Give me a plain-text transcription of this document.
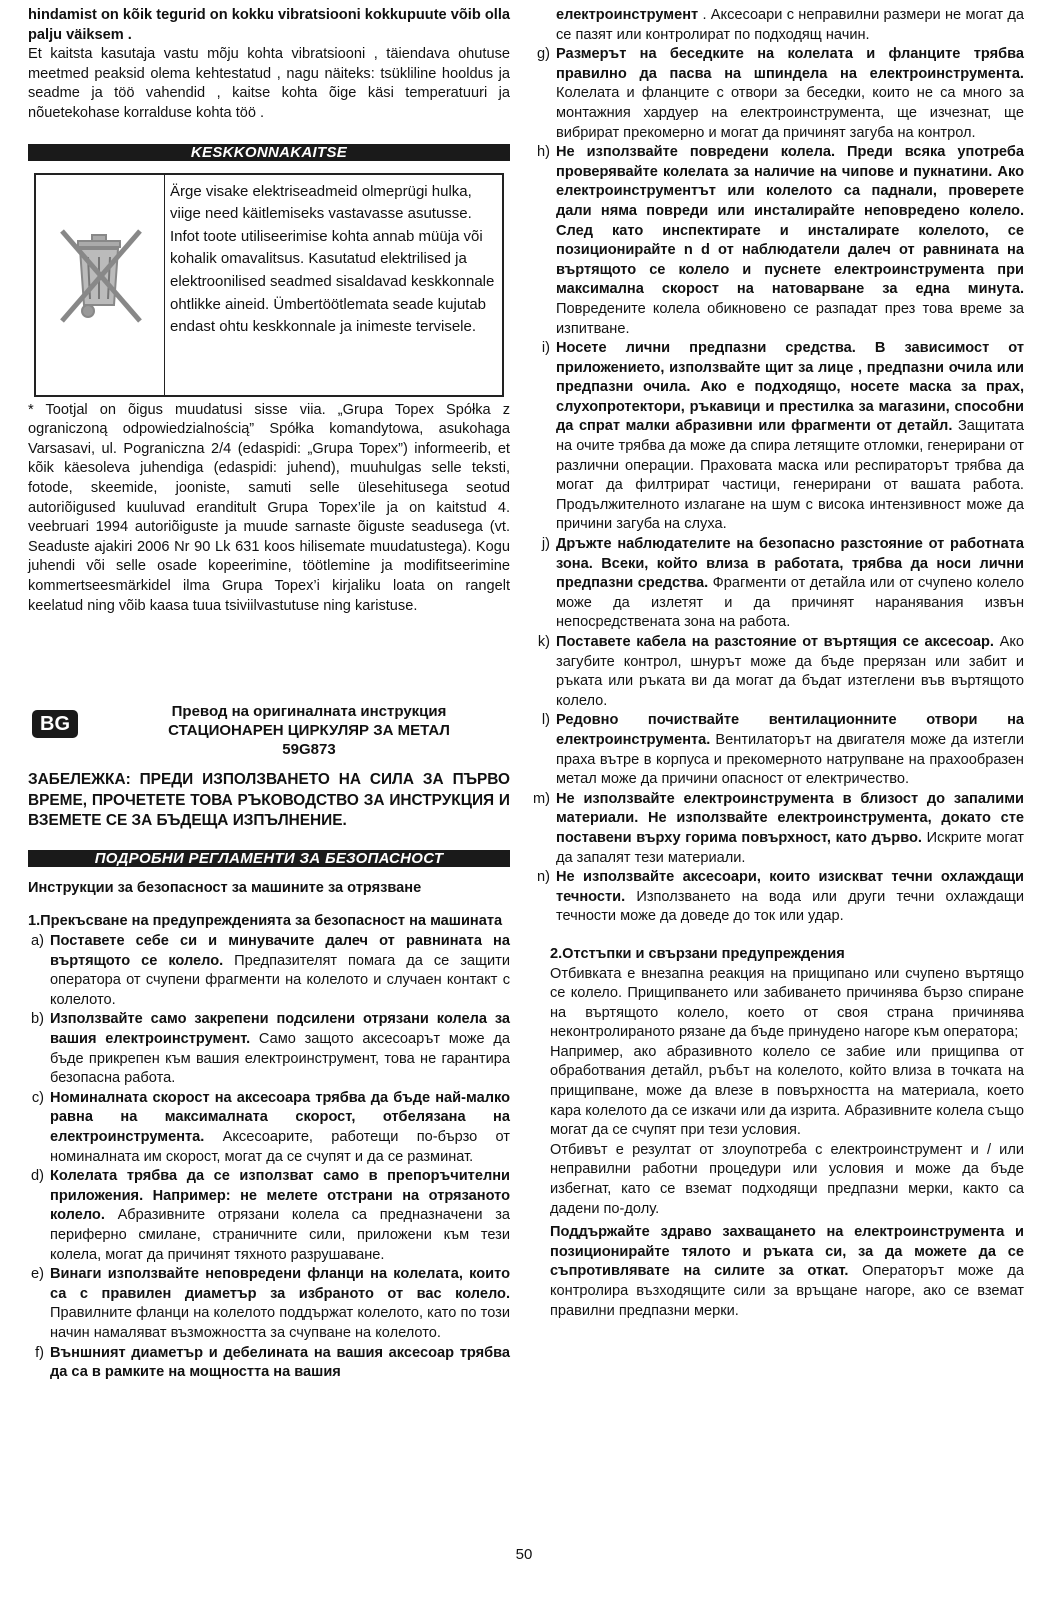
hindamist on kõik tegurid on kokku vibratsiooni kokkupuute võib olla palju väiksem .

Et kaitsta kasutaja vastu mõju kohta vibratsiooni , täiendava ohutuse meetmed peaksid olema kehtestatud , nagu näiteks: tsükliline hooldus ja seadme ja töö vahendid , kaitse kohta õige käsi temperatuuri ja nõuetekohase korralduse kohta töö .

KESKKONNAKAITSE
Ärge visake elektriseadmeid olmeprügi hulka, viige need käitlemiseks vastavasse asutusse. Infot toote utiliseerimise kohta annab müüja või kohalik omavalitsus. Kasutatud elektrilised ja elektroonilised seadmed sisaldavad keskkonnale ohtlikke aineid. Ümbertöötlemata seade kujutab endast ohtu keskkonnale ja inimeste tervisele.

* Tootjal on õigus muudatusi sisse viia. „Grupa Topex Spółka z ograniczoną odpowiedzialnością” Spółka komandytowa, asukohaga Varsasavi, ul. Pograniczna 2/4 (edaspidi: „Grupa Topex”) informeerib, et kõik käesoleva juhendiga (edaspidi: juhend), muuhulgas selle teksti, fotode, skeemide, jooniste, samuti selle ülesehitusega seotud autoriõigused kuuluvad eranditult Grupa Topex’ile ja on kaitstud 4. veebruari 1994 autoriõiguste ja muude sarnaste õiguste seadusega (vt. Seaduste ajakiri 2006 Nr 90 Lk 631 koos hilisemate muudatustega). Kogu juhendi või selle osade kopeerimine, töötlemine ja modifitseerimine kommertseesmärkidel ilma Grupa Topex’i kirjaliku loata on rangelt keelatud ning võib kaasa tuua tsiviilvastutuse ning karistuse.

BG
Превод на оригиналната инструкция
СТАЦИОНАРЕН ЦИРКУЛЯР ЗА МЕТАЛ
59G873

ЗАБЕЛЕЖКА: ПРЕДИ ИЗПОЛЗВАНЕТО НА СИЛА ЗА ПЪРВО ВРЕМЕ, ПРОЧЕТЕТЕ ТОВА РЪКОВОДСТВО ЗА ИНСТРУКЦИЯ И ВЗЕМЕТЕ СЕ ЗА БЪДЕЩА ИЗПЪЛНЕНИЕ.

ПОДРОБНИ РЕГЛАМЕНТИ ЗА БЕЗОПАСНОСТ

Инструкции за безопасност за машините за отрязване

1.Прекъсване на предупрежденията за безопасност на машината

a) Поставете себе си и минувачите далеч от равнината на въртящото се колело. Предпазителят помага да се защити оператора от счупени фрагменти на колелото и случаен контакт с колелото.
b) Използвайте само закрепени подсилени отрязани колела за вашия електроинструмент. Само защото аксесоарът може да бъде прикрепен към вашия електроинструмент, това не гарантира безопасна работа.
c) Номиналната скорост на аксесоара трябва да бъде най-малко равна на максималната скорост, отбелязана на електроинструмента. Аксесоарите, работещи по-бързо от номиналната им скорост, могат да се счупят и да се разминат.
d) Колелата трябва да се използват само в препоръчителни приложения. Например: не мелете отстрани на отрязаното колело. Абразивните отрязани колела са предназначени за периферно смилане, страничните сили, приложени към тези колела, могат да причинят тяхното разрушаване.
e) Винаги използвайте неповредени фланци на колелата, които са с правилен диаметър за избраното от вас колело. Правилните фланци на колелото поддържат колелото, като по този начин намаляват възможността за счупване на колелото.
f) Външният диаметър и дебелината на вашия аксесоар трябва да са в рамките на мощността на вашия
електроинструмент . Аксесоари с неправилни размери не могат да се пазят или контролират по подходящ начин.
g) Размерът на беседките на колелата и фланците трябва правилно да пасва на шпиндела на електроинструмента. Колелата и фланците с отвори за беседки, които не са много за монтажния хардуер на електроинструмента, ще изчезнат, ще вибрират прекомерно и могат да причинят загуба на контрол.
h) Не използвайте повредени колела. Преди всяка употреба проверявайте колелата за наличие на чипове и пукнатини. Ако електроинструментът или колелото са паднали, проверете дали няма повреди или инсталирайте неповредено колело. След като инспектирате и инсталирате колелото, се позиционирайте n d от наблюдатели далеч от равнината на въртящото се колело и пуснете електроинструмента при максимална скорост на натоварване за една минута. Повредените колела обикновено се разпадат през това време за изпитване.
i) Носете лични предпазни средства. В зависимост от приложението, използвайте щит за лице , предпазни очила или предпазни очила. Ако е подходящо, носете маска за прах, слухопротектори, ръкавици и престилка за магазини, способни да спрат малки абразивни или фрагменти от детайл. Защитата на очите трябва да може да спира летящите отломки, генерирани от различни операции. Праховата маска или респираторът трябва да могат да филтрират частици, генерирани от вашата работа. Продължителното излагане на шум с висока интензивност може да причини загуба на слуха.
j) Дръжте наблюдателите на безопасно разстояние от работната зона. Всеки, който влиза в работата, трябва да носи лични предпазни средства. Фрагменти от детайла или от счупено колело може да излетят и да причинят наранявания извън непосредствената зона на работа.
k) Поставете кабела на разстояние от въртящия се аксесоар. Ако загубите контрол, шнурът може да бъде прерязан или забит и ръката или ръката ви да могат да бъдат изтеглени във въртящото колело.
l) Редовно почиствайте вентилационните отвори на електроинструмента. Вентилаторът на двигателя може да изтегли праха вътре в корпуса и прекомерното натрупване на прахообразен метал може да причини опасност от електричество.
m) Не използвайте електроинструмента в близост до запалими материали. Не използвайте електроинструмента, докато сте поставени върху горима повърхност, като дърво. Искрите могат да запалят тези материали.
n) Не използвайте аксесоари, които изискват течни охлаждащи течности. Използването на вода или други течни охлаждащи течности може да доведе до ток или удар.

2.Отстъпки и свързани предупреждения

Отбивката е внезапна реакция на прищипано или счупено въртящо се колело. Прищипването или забиването причинява бързо спиране на въртящото колело, което от своя страна причинява неконтролираното рязане да бъде принудено нагоре към оператора;

Например, ако абразивното колело се забие или прищипва от обработвания детайл, ръбът на колелото, който влиза в точката на прищипване, може да влезе в повърхността на материала, което кара колелото да се изкачи или да изрита. Абразивните колела също могат да се счупят при тези условия.

Отбивът е резултат от злоупотреба с електроинструмент и / или неправилни работни процедури или условия и може да бъде избегнат, като се вземат подходящи предпазни мерки, както са дадени по-долу.

Поддържайте здраво захващането на електроинструмента и позиционирайте тялото и ръката си, за да можете да се съпротивлявате на силите за откат. Операторът може да контролира възходящите сили за връщане нагоре, ако се вземат правилни предпазни мерки.

50
